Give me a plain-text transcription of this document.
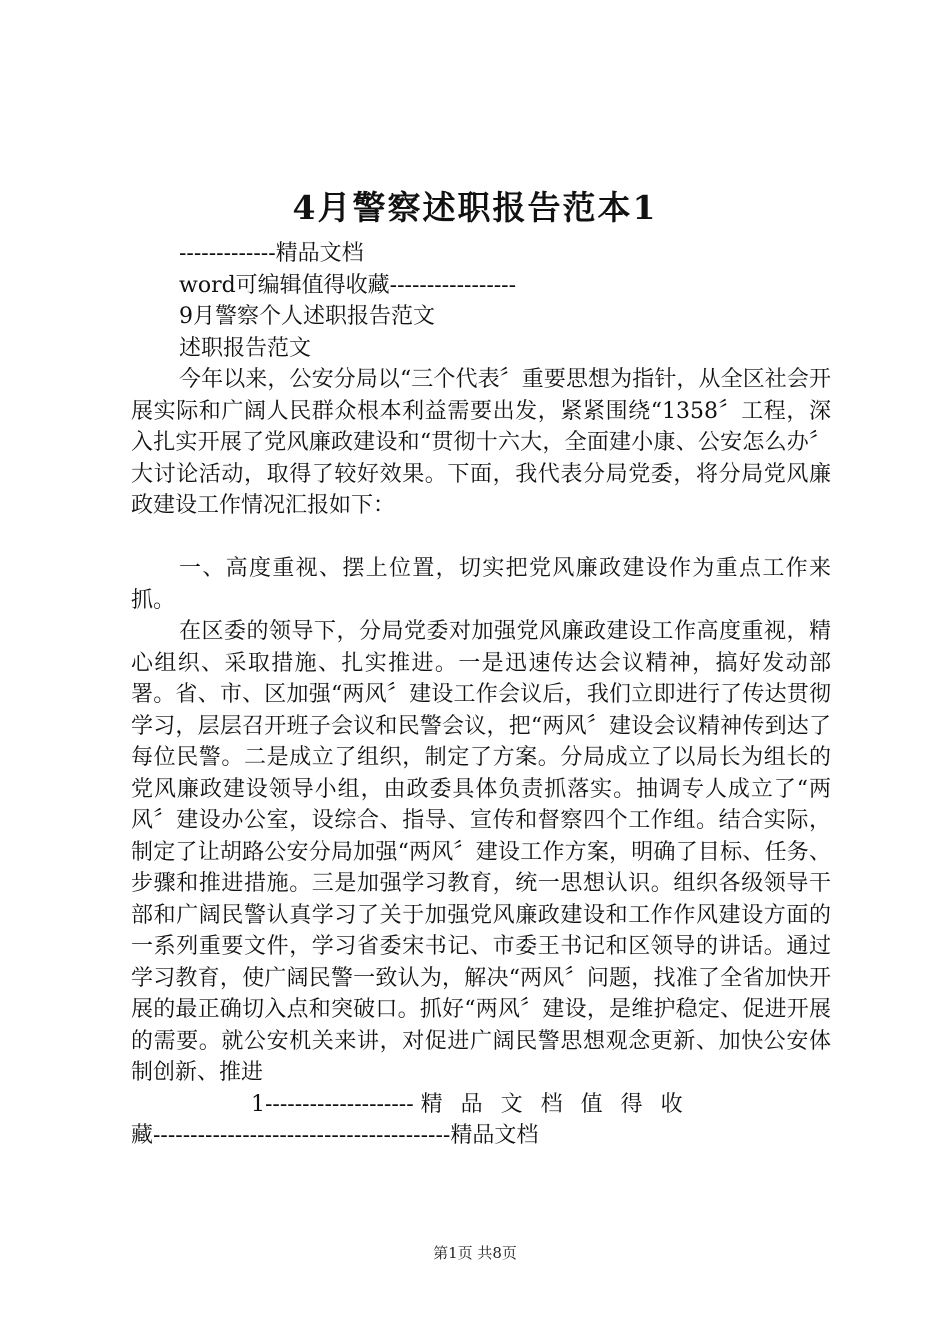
4月警察述职报告范本1
-------------精品文档
word可编辑值得收藏-----------------
9月警察个人述职报告范文
述职报告范文

今年以来，公安分局以“三个代表〞重要思想为指针，从全区社会开展实际和广阔人民群众根本利益需要出发，紧紧围绕“1358〞工程，深入扎实开展了党风廉政建设和“贯彻十六大，全面建小康、公安怎么办〞大讨论活动，取得了较好效果。下面，我代表分局党委，将分局党风廉政建设工作情况汇报如下：

一、高度重视、摆上位置，切实把党风廉政建设作为重点工作来抓。

在区委的领导下，分局党委对加强党风廉政建设工作高度重视，精心组织、采取措施、扎实推进。一是迅速传达会议精神，搞好发动部署。省、市、区加强“两风〞建设工作会议后，我们立即进行了传达贯彻学习，层层召开班子会议和民警会议，把“两风〞建设会议精神传到达了每位民警。二是成立了组织，制定了方案。分局成立了以局长为组长的党风廉政建设领导小组，由政委具体负责抓落实。抽调专人成立了“两风〞建设办公室，设综合、指导、宣传和督察四个工作组。结合实际，制定了让胡路公安分局加强“两风〞建设工作方案，明确了目标、任务、步骤和推进措施。三是加强学习教育，统一思想认识。组织各级领导干部和广阔民警认真学习了关于加强党风廉政建设和工作作风建设方面的一系列重要文件，学习省委宋书记、市委王书记和区领导的讲话。通过学习教育，使广阔民警一致认为，解决“两风〞问题，找准了全省加快开展的最正确切入点和突破口。抓好“两风〞建设，是维护稳定、促进开展的需要。就公安机关来讲，对促进广阔民警思想观念更新、加快公安体制创新、推进

1-------------------- 精品文档值得收
藏----------------------------------------精品文档
第1页 共8页
